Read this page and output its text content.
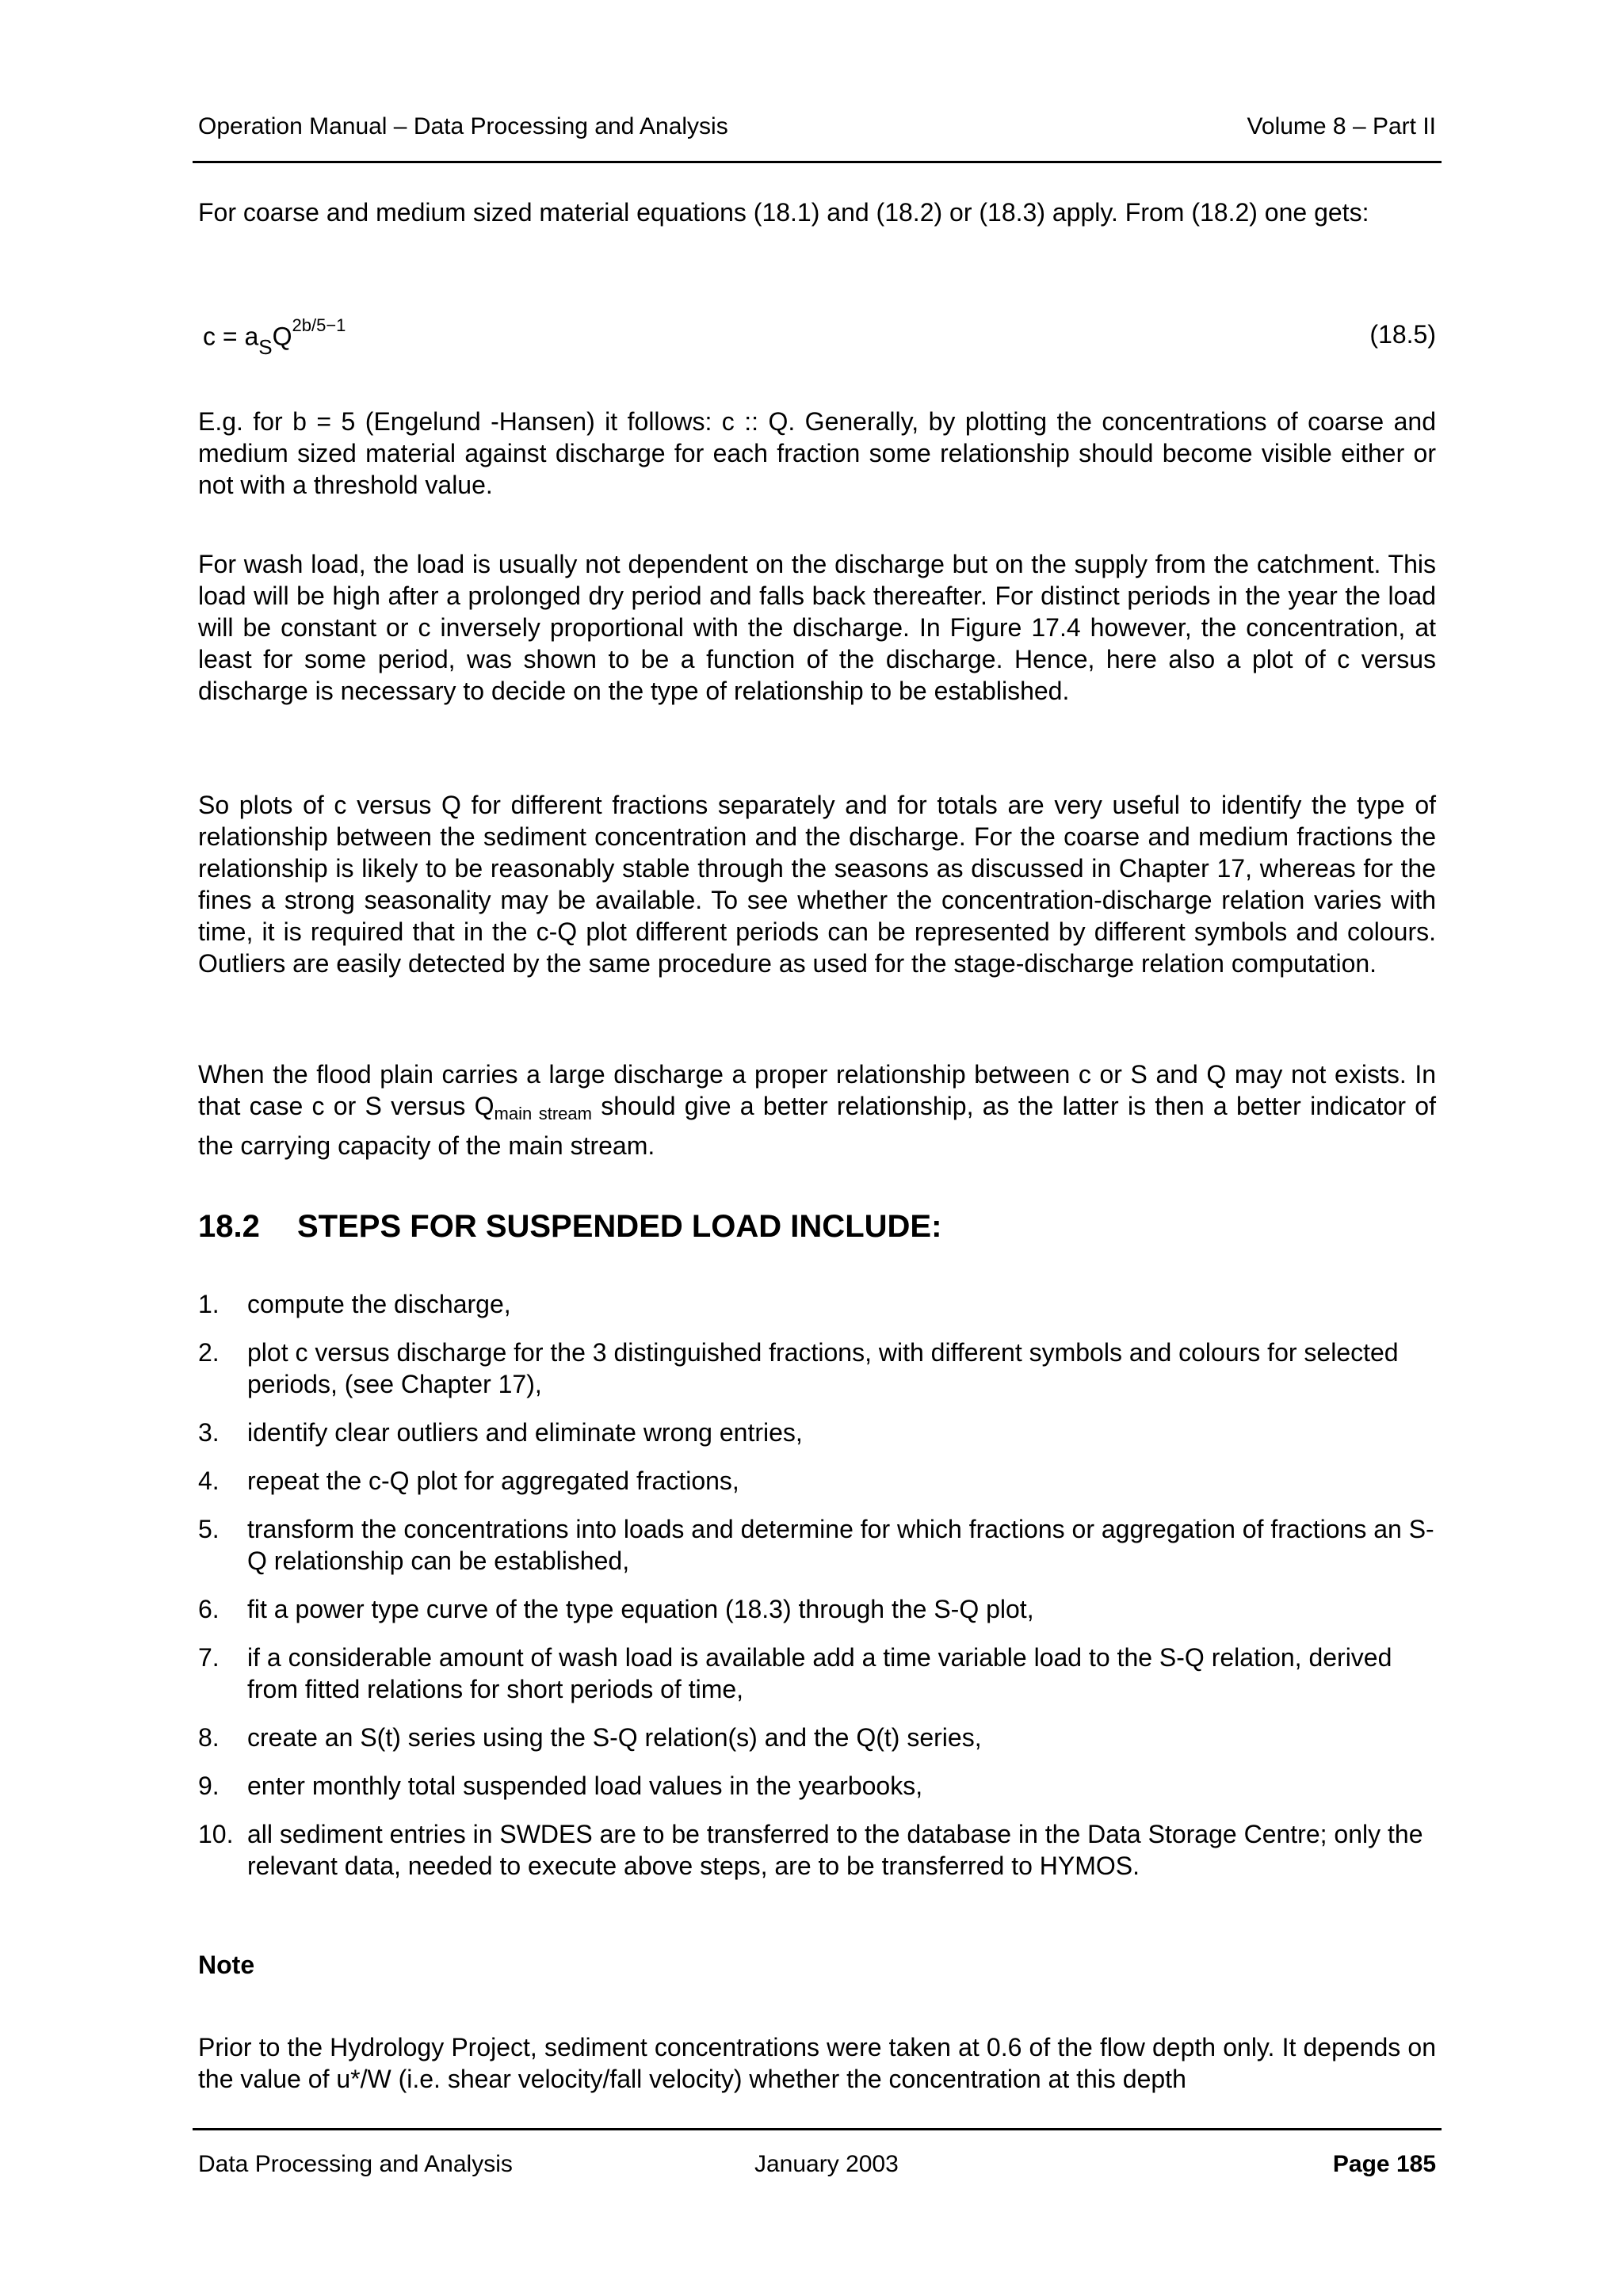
Operation Manual – Data Processing and Analysis	Volume 8 – Part II
For coarse and medium sized material equations (18.1) and (18.2) or (18.3) apply. From (18.2) one gets:
$c = a_SQ^{2b/5-1}$	(18.5)
E.g. for b = 5 (Engelund -Hansen) it follows: c :: Q. Generally, by plotting the concentrations of coarse and medium sized material against discharge for each fraction some relationship should become visible either or not with a threshold value.
For wash load, the load is usually not dependent on the discharge but on the supply from the catchment. This load will be high after a prolonged dry period and falls back thereafter. For distinct periods in the year the load will be constant or c inversely proportional with the discharge. In Figure 17.4 however, the concentration, at least for some period, was shown to be a function of the discharge. Hence, here also a plot of c versus discharge is necessary to decide on the type of relationship to be established.
So plots of c versus Q for different fractions separately and for totals are very useful to identify the type of relationship between the sediment concentration and the discharge. For the coarse and medium fractions the relationship is likely to be reasonably stable through the seasons as discussed in Chapter 17, whereas for the fines a strong seasonality may be available. To see whether the concentration-discharge relation varies with time, it is required that in the c-Q plot different periods can be represented by different symbols and colours. Outliers are easily detected by the same procedure as used for the stage-discharge relation computation.
When the flood plain carries a large discharge a proper relationship between c or S and Q may not exists. In that case c or S versus Qmain stream should give a better relationship, as the latter is then a better indicator of the carrying capacity of the main stream.
18.2 STEPS FOR SUSPENDED LOAD INCLUDE:
1. compute the discharge,
2. plot c versus discharge for the 3 distinguished fractions, with different symbols and colours for selected periods, (see Chapter 17),
3. identify clear outliers and eliminate wrong entries,
4. repeat the c-Q plot for aggregated fractions,
5. transform the concentrations into loads and determine for which fractions or aggregation of fractions an S-Q relationship can be established,
6. fit a power type curve of the type equation (18.3) through the S-Q plot,
7. if a considerable amount of wash load is available add a time variable load to the S-Q relation, derived from fitted relations for short periods of time,
8. create an S(t) series using the S-Q relation(s) and the Q(t) series,
9. enter monthly total suspended load values in the yearbooks,
10. all sediment entries in SWDES are to be transferred to the database in the Data Storage Centre; only the relevant data, needed to execute above steps, are to be transferred to HYMOS.
Note
Prior to the Hydrology Project, sediment concentrations were taken at 0.6 of the flow depth only. It depends on the value of u*/W (i.e. shear velocity/fall velocity) whether the concentration at this depth
Data Processing and Analysis	January 2003	Page 185
